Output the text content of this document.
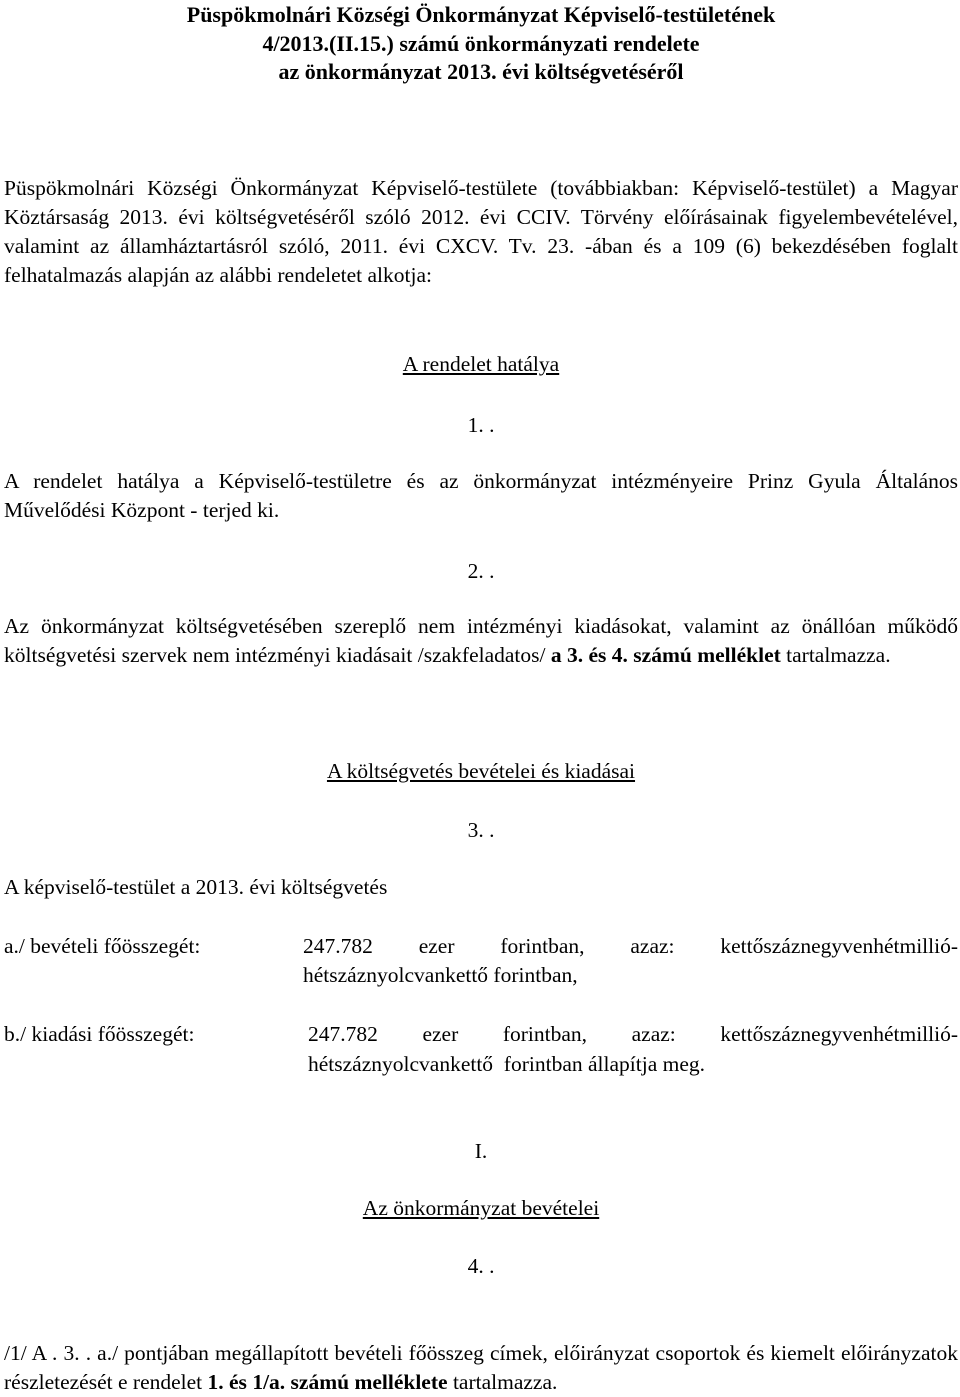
Püspökmolnári Községi Önkormányzat Képviselő-testületének
4/2013.(II.15.) számú önkormányzati rendelete
az önkormányzat 2013. évi költségvetéséről
Püspökmolnári Községi Önkormányzat Képviselő-testülete (továbbiakban: Képviselő-testület) a Magyar Köztársaság 2013. évi költségvetéséről szóló 2012. évi CCIV. Törvény előírásainak figyelembevételével, valamint az államháztartásról szóló, 2011. évi CXCV. Tv. 23. -ában és a 109 (6) bekezdésében foglalt felhatalmazás alapján az alábbi rendeletet alkotja:
A rendelet hatálya
1. .
A rendelet hatálya a Képviselő-testületre és az önkormányzat intézményeire Prinz Gyula Általános Művelődési Központ - terjed ki.
2. .
Az önkormányzat költségvetésében szereplő nem intézményi kiadásokat, valamint az önállóan működő költségvetési szervek nem intézményi kiadásait /szakfeladatos/ a 3. és 4. számú melléklet tartalmazza.
A költségvetés bevételei és kiadásai
3. .
A képviselő-testület a 2013. évi költségvetés
a./ bevételi főösszegét:	247.782 ezer forintban, azaz: kettőszáznegyvenhétmillió-
hétszáznyolcvankettő forintban,
b./ kiadási főösszegét:	247.782 ezer forintban, azaz: kettőszáznegyvenhétmillió-
hétszáznyolcvankettő  forintban állapítja meg.
I.
Az önkormányzat bevételei
4. .
/1/ A . 3. . a./ pontjában megállapított bevételi főösszeg címek, előirányzat csoportok és kiemelt előirányzatok részletezését e rendelet 1. és 1/a. számú melléklete tartalmazza.
